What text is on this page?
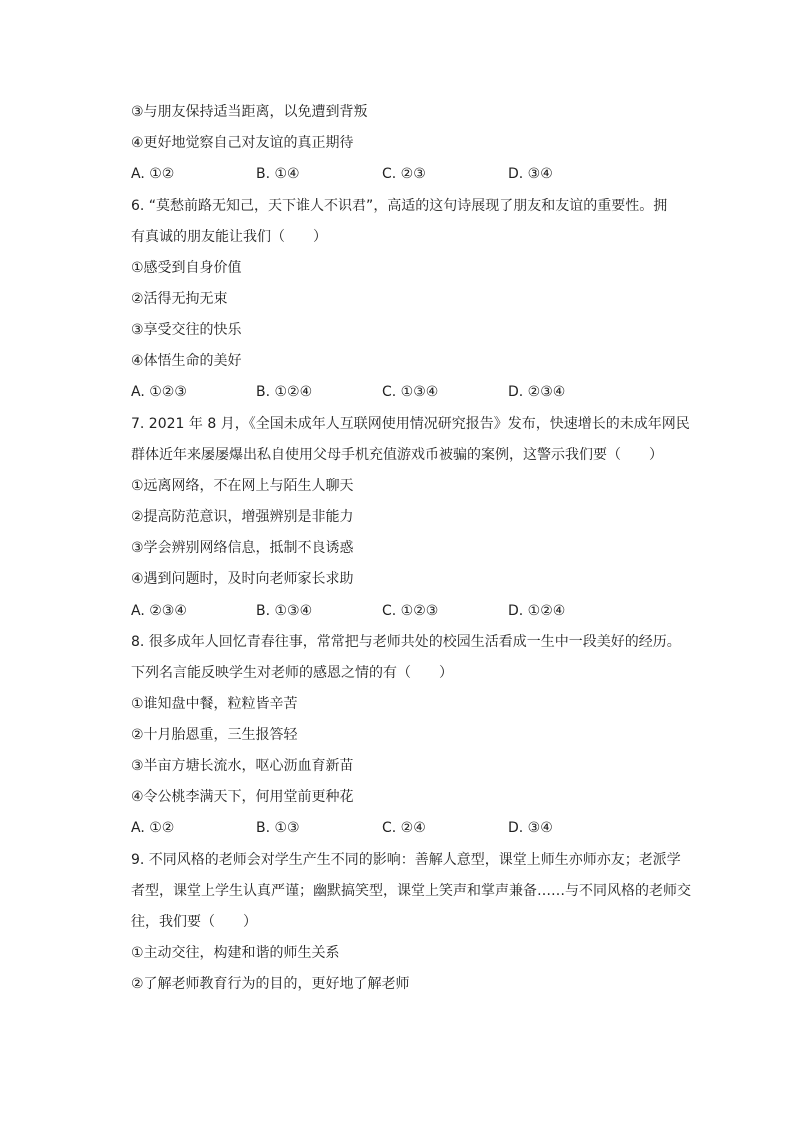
③与朋友保持适当距离，以免遭到背叛
④更好地觉察自己对友谊的真正期待
A. ①②	B. ①④	C. ②③	D. ③④
6. “莫愁前路无知己，天下谁人不识君”，高适的这句诗展现了朋友和友谊的重要性。拥
有真诚的朋友能让我们（　　）
①感受到自身价值
②活得无拘无束
③享受交往的快乐
④体悟生命的美好
A. ①②③	B. ①②④	C. ①③④	D. ②③④
7. 2021 年 8 月，《全国未成年人互联网使用情况研究报告》发布，快速增长的未成年网民
群体近年来屡屡爆出私自使用父母手机充值游戏币被骗的案例，这警示我们要（　　）
①远离网络，不在网上与陌生人聊天
②提高防范意识，增强辨别是非能力
③学会辨别网络信息，抵制不良诱惑
④遇到问题时，及时向老师家长求助
A. ②③④	B. ①③④	C. ①②③	D. ①②④
8. 很多成年人回忆青春往事，常常把与老师共处的校园生活看成一生中一段美好的经历。
下列名言能反映学生对老师的感恩之情的有（　　）
①谁知盘中餐，粒粒皆辛苦
②十月胎恩重，三生报答轻
③半亩方塘长流水，呕心沥血育新苗
④令公桃李满天下，何用堂前更种花
A. ①②	B. ①③	C. ②④	D. ③④
9. 不同风格的老师会对学生产生不同的影响：善解人意型，课堂上师生亦师亦友；老派学
者型，课堂上学生认真严谨；幽默搞笑型，课堂上笑声和掌声兼备……与不同风格的老师交
往，我们要（　　）
①主动交往，构建和谐的师生关系
②了解老师教育行为的目的，更好地了解老师
